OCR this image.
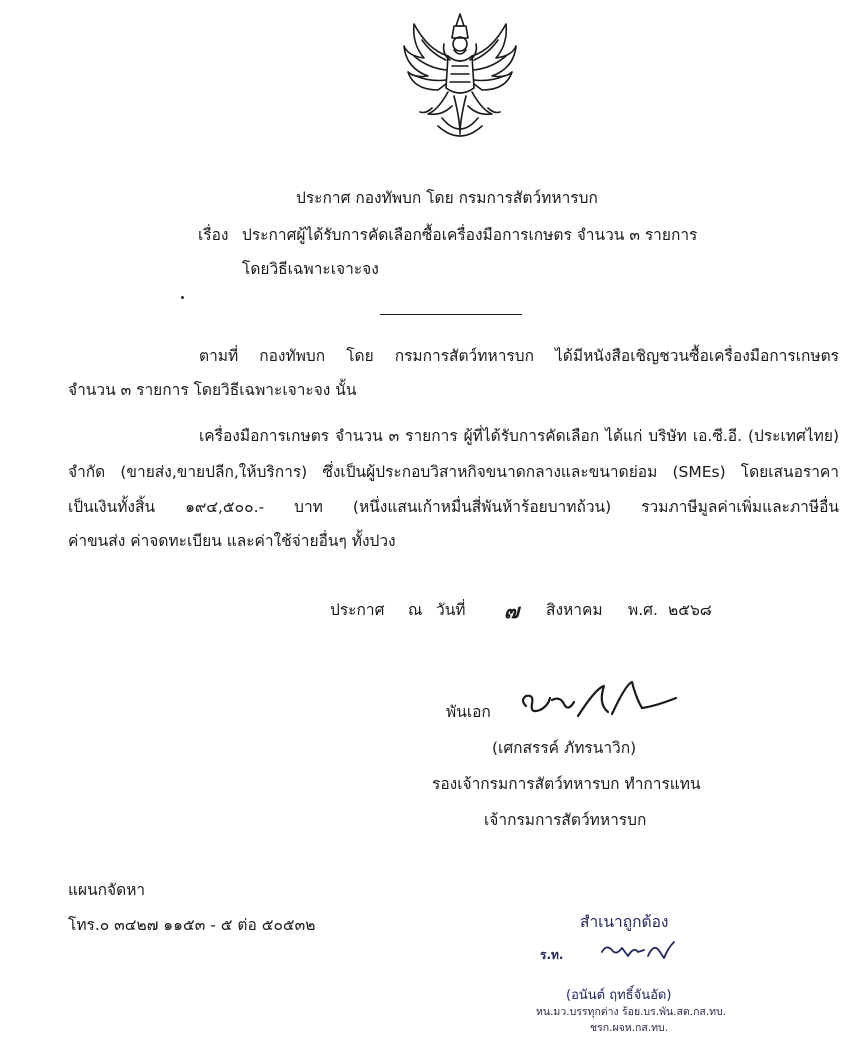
ประกาศ กองทัพบก โดย กรมการสัตว์ทหารบก
เรื่อง ประกาศผู้ได้รับการคัดเลือกซื้อเครื่องมือการเกษตร จำนวน ๓ รายการ
โดยวิธีเฉพาะเจาะจง
ตามที่ กองทัพบก โดย กรมการสัตว์ทหารบก ได้มีหนังสือเชิญชวนซื้อเครื่องมือการเกษตร
จำนวน ๓ รายการ โดยวิธีเฉพาะเจาะจง นั้น
เครื่องมือการเกษตร จำนวน ๓ รายการ ผู้ที่ได้รับการคัดเลือก ได้แก่ บริษัท เอ.ซี.อี. (ประเทศไทย)
จำกัด (ขายส่ง,ขายปลีก,ให้บริการ) ซึ่งเป็นผู้ประกอบวิสาหกิจขนาดกลางและขนาดย่อม (SMEs) โดยเสนอราคา
เป็นเงินทั้งสิ้น ๑๙๔,๕๐๐.- บาท (หนึ่งแสนเก้าหมื่นสี่พันห้าร้อยบาทถ้วน) รวมภาษีมูลค่าเพิ่มและภาษีอื่น
ค่าขนส่ง ค่าจดทะเบียน และค่าใช้จ่ายอื่นๆ ทั้งปวง
ประกาศ ณ วันที่ ๗ สิงหาคม พ.ศ. ๒๕๖๘
พันเอก
(เศกสรรค์ ภัทรนาวิก)
รองเจ้ากรมการสัตว์ทหารบก ทำการแทน
เจ้ากรมการสัตว์ทหารบก
แผนกจัดหา
โทร.๐ ๓๔๒๗ ๑๑๕๓ - ๕ ต่อ ๕๐๕๓๒	สำเนาถูกต้อง
ร.ท.
(อนันต์ ฤทธิ์จันอัด)
หน.มว.บรรทุกต่าง ร้อย.บร.พัน.สต.กส.ทบ.
ชรก.ผจห.กส.ทบ.
